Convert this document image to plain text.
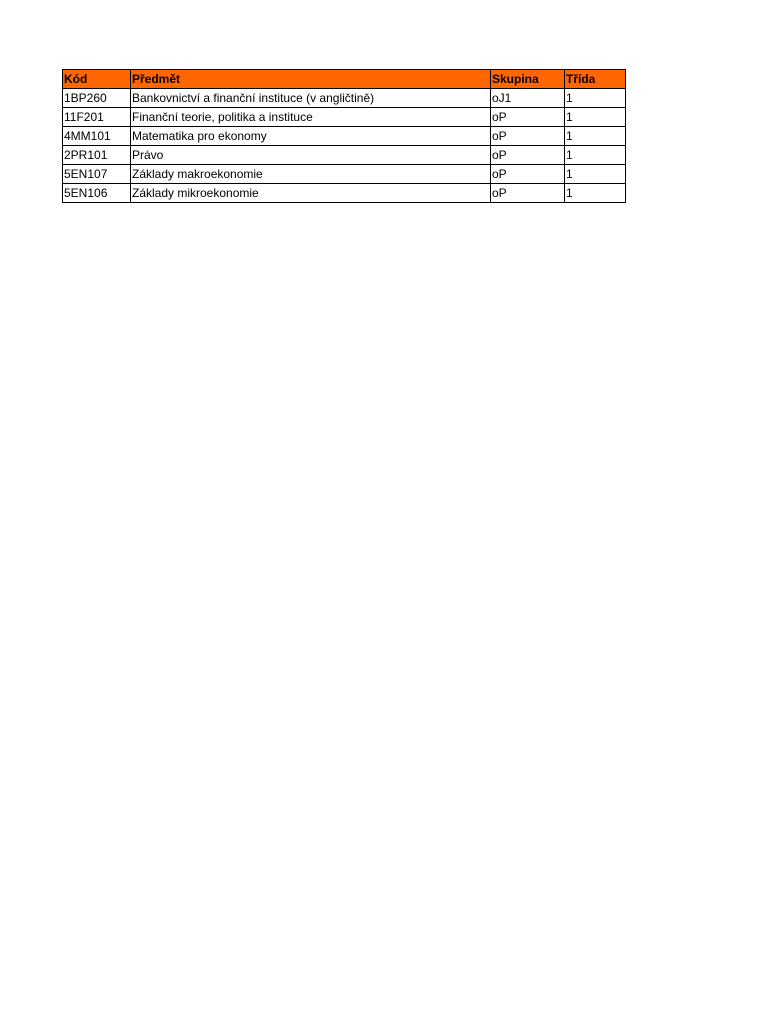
Kód	Předmět	Skupina	Třída
1BP260	Bankovnictví a finanční instituce (v angličtině)	oJ1	1
11F201	Finanční teorie, politika a instituce	oP	1
4MM101	Matematika pro ekonomy	oP	1
2PR101	Právo	oP	1
5EN107	Základy makroekonomie	oP	1
5EN106	Základy mikroekonomie	oP	1
